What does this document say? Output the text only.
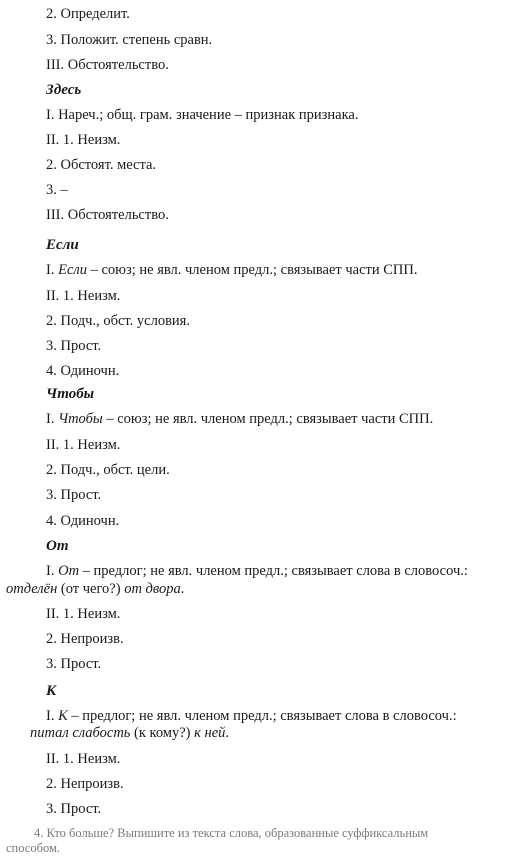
2. Определит.
3. Положит. степень сравн.
III. Обстоятельство.
Здесь
I. Нареч.; общ. грам. значение – признак признака.
II. 1. Неизм.
2. Обстоят. места.
3. –
III. Обстоятельство.
Если
I. Если – союз; не явл. членом предл.; связывает части СПП.
II. 1. Неизм.
2. Подч., обст. условия.
3. Прост.
4. Одиночн.
Чтобы
I. Чтобы – союз; не явл. членом предл.; связывает части СПП.
II. 1. Неизм.
2. Подч., обст. цели.
3. Прост.
4. Одиночн.
От
I. От – предлог; не явл. членом предл.; связывает слова в словосоч.:
отделён (от чего?) от двора.
II. 1. Неизм.
2. Непроизв.
3. Прост.
К
I. К – предлог; не явл. членом предл.; связывает слова в словосоч.:
питал слабость (к кому?) к ней.
II. 1. Неизм.
2. Непроизв.
3. Прост.
4. Кто больше? Выпишите из текста слова, образованные суффиксальным
способом.
